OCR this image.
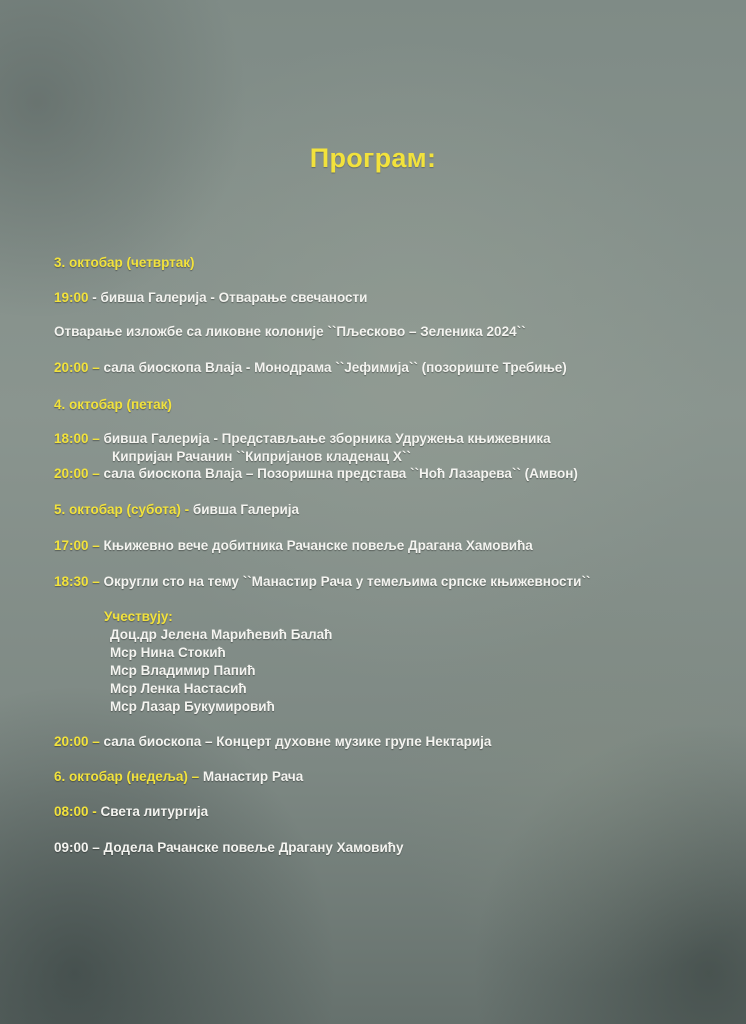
Програм:
3. октобар (четвртак)
19:00 - бивша Галерија - Отварање свечаности
Отварање изложбе са ликовне колоније ``Пљесково – Зеленика 2024``
20:00 – сала биоскопа Влаја - Монодрама ``Јефимија`` (позориште Требиње)
4. октобар (петак)
18:00 – бивша Галерија - Представљање зборника Удружења књижевника
Кипријан Рачанин ``Кипријанов кладенац Х``
20:00 – сала биоскопа Влаја – Позоришна представа ``Ноћ Лазарева`` (Амвон)
5. октобар (субота) - бивша Галерија
17:00 – Књижевно вече добитника Рачанске повеље Драгана Хамовића
18:30 – Округли сто на тему ``Манастир Рача у темељима српске књижевности``
Учествују:
Доц.др Јелена Марићевић Балаћ
Мср Нина Стокић
Мср Владимир Папић
Мср Ленка Настасић
Мср Лазар Букумировић
20:00 – сала биоскопа – Концерт духовне музике групе Нектарија
6. октобар (недеља) – Манастир Рача
08:00 - Света литургија
09:00 – Додела Рачанске повеље Драгану Хамовићу
